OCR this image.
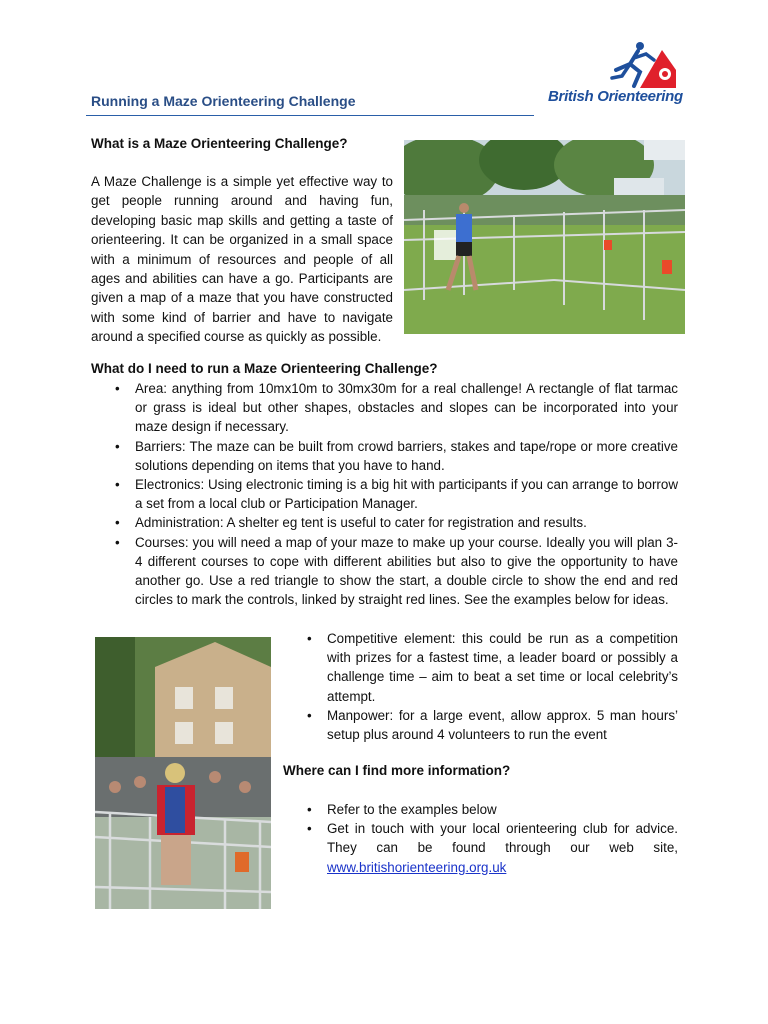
British Orienteering
Running a Maze Orienteering Challenge
What is a Maze Orienteering Challenge?
A Maze Challenge is a simple yet effective way to get people running around and having fun, developing basic map skills and getting a taste of orienteering. It can be organized in a small space with a minimum of resources and people of all ages and abilities can have a go. Participants are given a map of a maze that you have constructed with some kind of barrier and have to navigate around a specified course as quickly as possible.
What do I need to run a Maze Orienteering Challenge?
• Area: anything from 10mx10m to 30mx30m for a real challenge! A rectangle of flat tarmac or grass is ideal but other shapes, obstacles and slopes can be incorporated into your maze design if necessary.
• Barriers: The maze can be built from crowd barriers, stakes and tape/rope or more creative solutions depending on items that you have to hand.
• Electronics: Using electronic timing is a big hit with participants if you can arrange to borrow a set from a local club or Participation Manager.
• Administration: A shelter eg tent is useful to cater for registration and results.
• Courses: you will need a map of your maze to make up your course. Ideally you will plan 3-4 different courses to cope with different abilities but also to give the opportunity to have another go. Use a red triangle to show the start, a double circle to show the end and red circles to mark the controls, linked by straight red lines. See the examples below for ideas.
• Competitive element: this could be run as a competition with prizes for a fastest time, a leader board or possibly a challenge time – aim to beat a set time or local celebrity’s attempt.
• Manpower: for a large event, allow approx. 5 man hours’ setup plus around 4 volunteers to run the event
Where can I find more information?
• Refer to the examples below
• Get in touch with your local orienteering club for advice. They can be found through our web site, www.britishorienteering.org.uk
